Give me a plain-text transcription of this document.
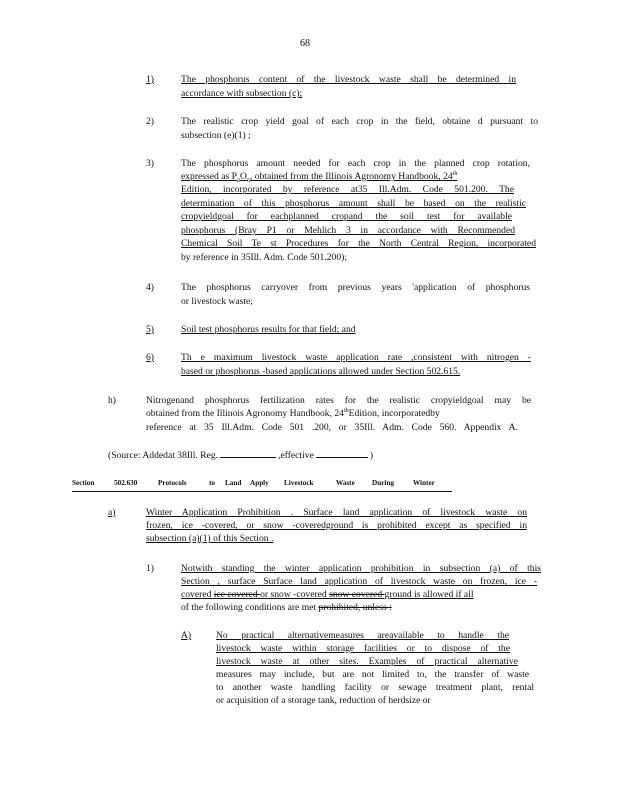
68
1)	The phosphorus content of the livestock waste shall be determined in
accordance with subsection (c);
2)	The realistic crop yield goal of each crop in the field, obtaine d pursuant to
subsection (e)(1) ;
3)	The phosphorus amount needed for each crop in the planned crop rotation,
expressed as $P_2O_5$, obtained from the Illinois Agronomy Handbook, 24th
Edition, incorporated by reference at35 Ill.Adm. Code 501.200. The
determination of this phosphorus amount shall be based on the realistic
cropyieldgoal for eachplanned cropand the soil test for available
phosphorus (Bray P1 or Mehlich 3 in accordance with Recommended
Chemical Soil Te st Procedures for the North Central Region, incorporated
by reference in 35Ill. Adm. Code 501.200);
4)	The phosphorus carryover from previous years 'application of phosphorus
or livestock waste;
5)	Soil test phosphorus results for that field; and
6)	Th e maximum livestock waste application rate ,consistent with nitrogen -
based or phosphorus -based applications allowed under Section 502.615.
h)	Nitrogenand phosphorus fertilization rates for the realistic cropyieldgoal may be
obtained from the Illinois Agronomy Handbook, 24thEdition, incorporatedby
reference at 35 Ill.Adm. Code 501 .200, or 35Ill. Adm. Code 560. Appendix A.
(Source: Addedat 38Ill. Reg.	,effective	)
Section	502.630	Protocols	to Land Apply Livestock	Waste During	Winter
a)	Winter Application Prohibition . Surface land application of livestock waste on
frozen, ice -covered, or snow -coveredground is prohibited except as specified in
subsection (a)(1) of this Section .
1)	Notwith standing the winter application prohibition in subsection (a) of this
Section , surface Surface land application of livestock waste on frozen, ice -
covered ice covered or snow -covered snow covered ground is allowed if all
of the following conditions are met prohibited, unless :
A)	No practical alternativemeasures areavailable to handle the
livestock waste within storage facilities or to dispose of the
livestock waste at other sites. Examples of practical alternative
measures may include, but are not limited to, the transfer of waste
to another waste handling facility or sewage treatment plant, rental
or acquisition of a storage tank, reduction of herdsize or
